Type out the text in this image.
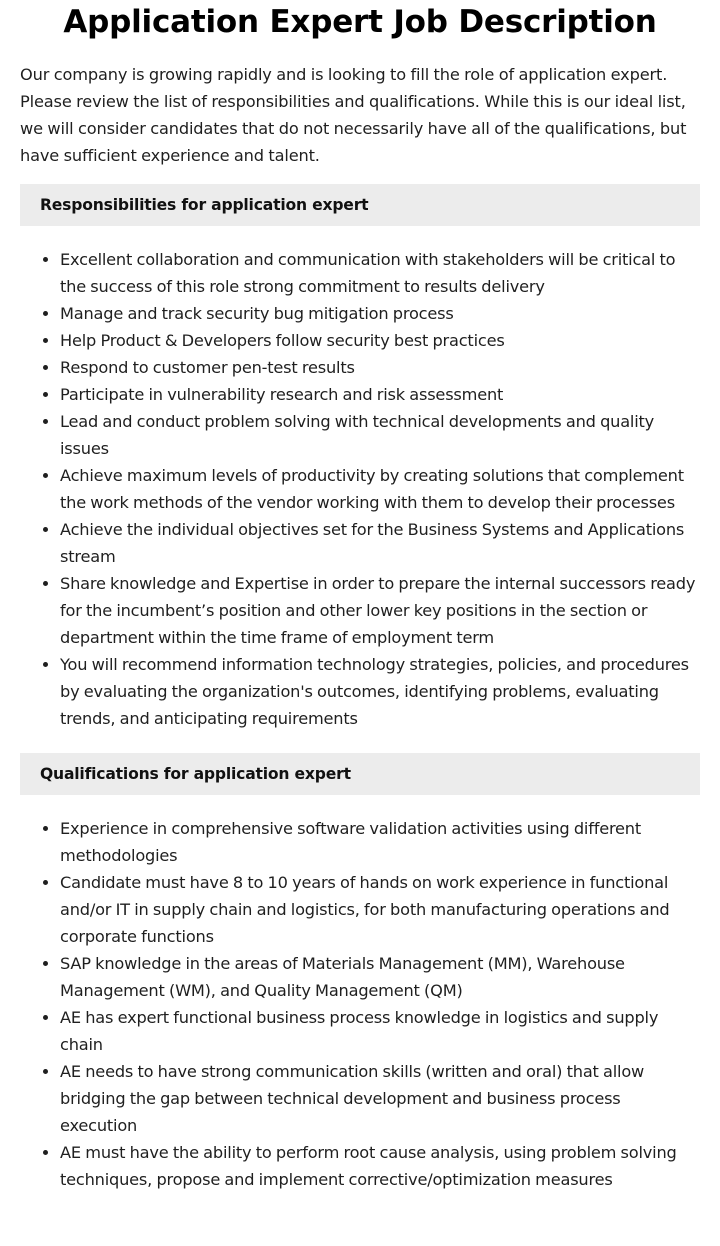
Application Expert Job Description

Our company is growing rapidly and is looking to fill the role of application expert. Please review the list of responsibilities and qualifications. While this is our ideal list, we will consider candidates that do not necessarily have all of the qualifications, but have sufficient experience and talent.

Responsibilities for application expert
• Excellent collaboration and communication with stakeholders will be critical to the success of this role strong commitment to results delivery
• Manage and track security bug mitigation process
• Help Product & Developers follow security best practices
• Respond to customer pen-test results
• Participate in vulnerability research and risk assessment
• Lead and conduct problem solving with technical developments and quality issues
• Achieve maximum levels of productivity by creating solutions that complement the work methods of the vendor working with them to develop their processes
• Achieve the individual objectives set for the Business Systems and Applications stream
• Share knowledge and Expertise in order to prepare the internal successors ready for the incumbent’s position and other lower key positions in the section or department within the time frame of employment term
• You will recommend information technology strategies, policies, and procedures by evaluating the organization's outcomes, identifying problems, evaluating trends, and anticipating requirements
Qualifications for application expert
• Experience in comprehensive software validation activities using different methodologies
• Candidate must have 8 to 10 years of hands on work experience in functional and/or IT in supply chain and logistics, for both manufacturing operations and corporate functions
• SAP knowledge in the areas of Materials Management (MM), Warehouse Management (WM), and Quality Management (QM)
• AE has expert functional business process knowledge in logistics and supply chain
• AE needs to have strong communication skills (written and oral) that allow bridging the gap between technical development and business process execution
• AE must have the ability to perform root cause analysis, using problem solving techniques, propose and implement corrective/optimization measures
